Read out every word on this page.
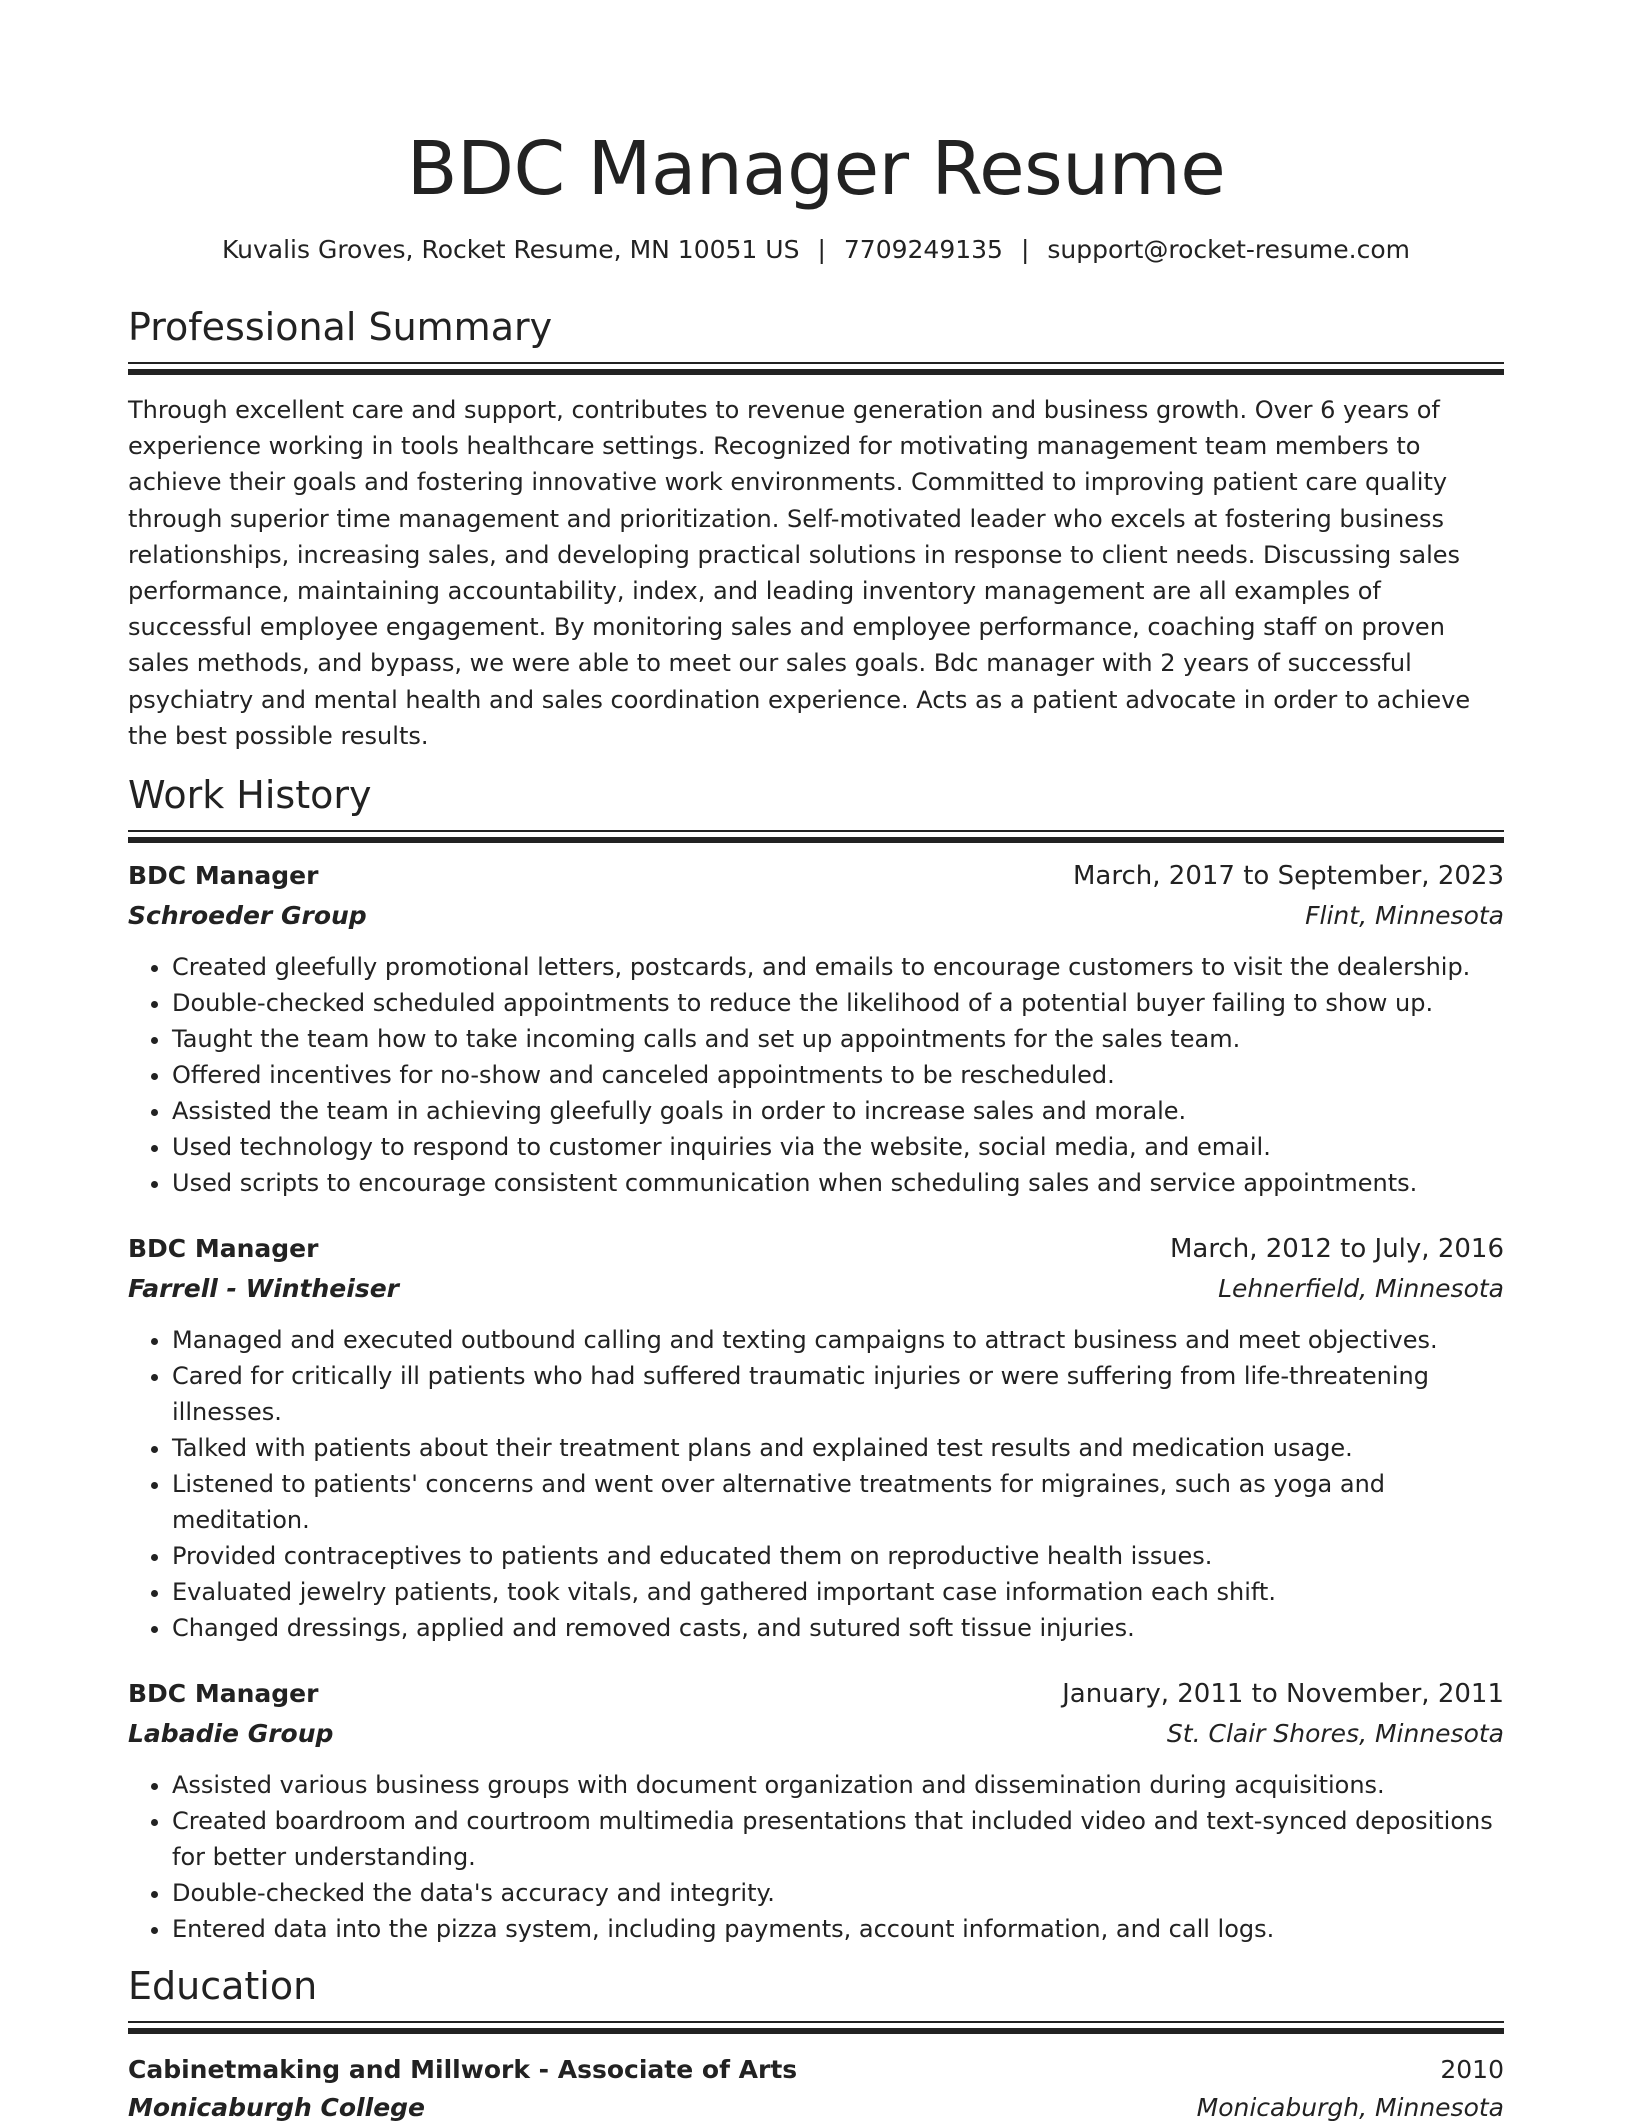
BDC Manager Resume
Kuvalis Groves, Rocket Resume, MN 10051 US | 7709249135 | support@rocket-resume.com
Professional Summary

Through excellent care and support, contributes to revenue generation and business growth. Over 6 years of experience working in tools healthcare settings. Recognized for motivating management team members to achieve their goals and fostering innovative work environments. Committed to improving patient care quality through superior time management and prioritization. Self-motivated leader who excels at fostering business relationships, increasing sales, and developing practical solutions in response to client needs. Discussing sales performance, maintaining accountability, index, and leading inventory management are all examples of successful employee engagement. By monitoring sales and employee performance, coaching staff on proven sales methods, and bypass, we were able to meet our sales goals. Bdc manager with 2 years of successful psychiatry and mental health and sales coordination experience. Acts as a patient advocate in order to achieve the best possible results.

Work History
BDC Manager	March, 2017 to September, 2023
Schroeder Group	Flint, Minnesota
• Created gleefully promotional letters, postcards, and emails to encourage customers to visit the dealership.
• Double-checked scheduled appointments to reduce the likelihood of a potential buyer failing to show up.
• Taught the team how to take incoming calls and set up appointments for the sales team.
• Offered incentives for no-show and canceled appointments to be rescheduled.
• Assisted the team in achieving gleefully goals in order to increase sales and morale.
• Used technology to respond to customer inquiries via the website, social media, and email.
• Used scripts to encourage consistent communication when scheduling sales and service appointments.
BDC Manager	March, 2012 to July, 2016
Farrell - Wintheiser	Lehnerfield, Minnesota
• Managed and executed outbound calling and texting campaigns to attract business and meet objectives.
• Cared for critically ill patients who had suffered traumatic injuries or were suffering from life-threatening illnesses.
• Talked with patients about their treatment plans and explained test results and medication usage.
• Listened to patients' concerns and went over alternative treatments for migraines, such as yoga and meditation.
• Provided contraceptives to patients and educated them on reproductive health issues.
• Evaluated jewelry patients, took vitals, and gathered important case information each shift.
• Changed dressings, applied and removed casts, and sutured soft tissue injuries.
BDC Manager	January, 2011 to November, 2011
Labadie Group	St. Clair Shores, Minnesota
• Assisted various business groups with document organization and dissemination during acquisitions.
• Created boardroom and courtroom multimedia presentations that included video and text-synced depositions for better understanding.
• Double-checked the data's accuracy and integrity.
• Entered data into the pizza system, including payments, account information, and call logs.
Education
Cabinetmaking and Millwork - Associate of Arts	2010
Monicaburgh College	Monicaburgh, Minnesota
